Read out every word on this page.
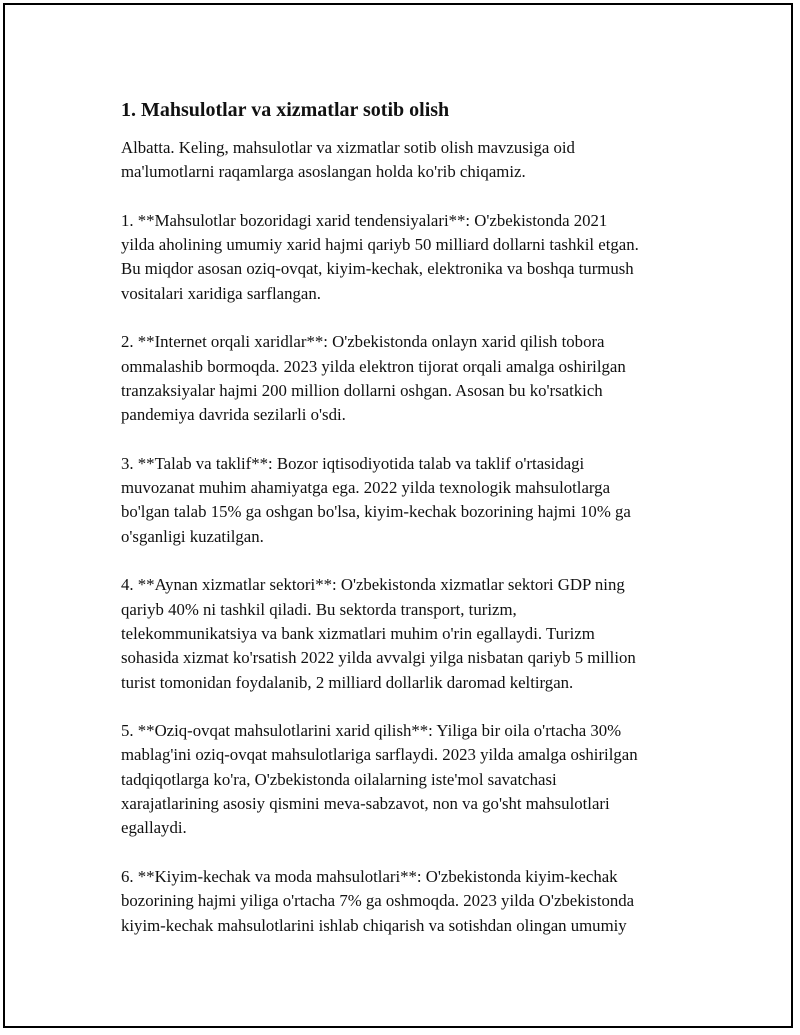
1. Mahsulotlar va xizmatlar sotib olish

Albatta. Keling, mahsulotlar va xizmatlar sotib olish mavzusiga oid
ma'lumotlarni raqamlarga asoslangan holda ko'rib chiqamiz.

1. **Mahsulotlar bozoridagi xarid tendensiyalari**: O'zbekistonda 2021
yilda aholining umumiy xarid hajmi qariyb 50 milliard dollarni tashkil etgan.
Bu miqdor asosan oziq-ovqat, kiyim-kechak, elektronika va boshqa turmush
vositalari xaridiga sarflangan.

2. **Internet orqali xaridlar**: O'zbekistonda onlayn xarid qilish tobora
ommalashib bormoqda. 2023 yilda elektron tijorat orqali amalga oshirilgan
tranzaksiyalar hajmi 200 million dollarni oshgan. Asosan bu ko'rsatkich
pandemiya davrida sezilarli o'sdi.

3. **Talab va taklif**: Bozor iqtisodiyotida talab va taklif o'rtasidagi
muvozanat muhim ahamiyatga ega. 2022 yilda texnologik mahsulotlarga
bo'lgan talab 15% ga oshgan bo'lsa, kiyim-kechak bozorining hajmi 10% ga
o'sganligi kuzatilgan.

4. **Aynan xizmatlar sektori**: O'zbekistonda xizmatlar sektori GDP ning
qariyb 40% ni tashkil qiladi. Bu sektorda transport, turizm,
telekommunikatsiya va bank xizmatlari muhim o'rin egallaydi. Turizm
sohasida xizmat ko'rsatish 2022 yilda avvalgi yilga nisbatan qariyb 5 million
turist tomonidan foydalanib, 2 milliard dollarlik daromad keltirgan.

5. **Oziq-ovqat mahsulotlarini xarid qilish**: Yiliga bir oila o'rtacha 30%
mablag'ini oziq-ovqat mahsulotlariga sarflaydi. 2023 yilda amalga oshirilgan
tadqiqotlarga ko'ra, O'zbekistonda oilalarning iste'mol savatchasi
xarajatlarining asosiy qismini meva-sabzavot, non va go'sht mahsulotlari
egallaydi.

6. **Kiyim-kechak va moda mahsulotlari**: O'zbekistonda kiyim-kechak
bozorining hajmi yiliga o'rtacha 7% ga oshmoqda. 2023 yilda O'zbekistonda
kiyim-kechak mahsulotlarini ishlab chiqarish va sotishdan olingan umumiy
